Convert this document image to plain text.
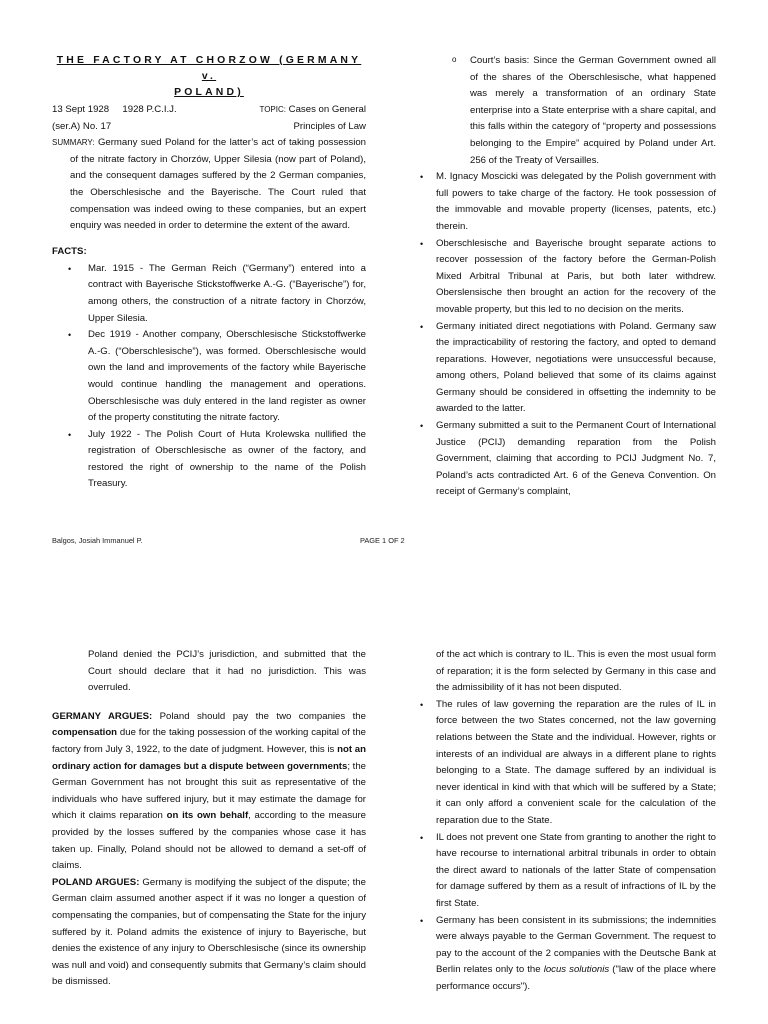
THE FACTORY AT CHORZOW (GERMANY v.
POLAND)
13 Sept 1928     1928 P.C.I.J.	TOPIC: Cases on General
(ser.A) No. 17	Principles of Law
SUMMARY: Germany sued Poland for the latter’s act of taking possession of the nitrate factory in Chorzów, Upper Silesia (now part of Poland), and the consequent damages suffered by the 2 German companies, the Oberschlesische and the Bayerische. The Court ruled that compensation was indeed owing to these companies, but an expert enquiry was needed in order to determine the extent of the award.
FACTS:
• Mar. 1915 - The German Reich (“Germany”) entered into a contract with Bayerische Stickstoffwerke A.-G. (“Bayerische”) for, among others, the construction of a nitrate factory in Chorzów, Upper Silesia.
• Dec 1919 - Another company, Oberschlesische Stickstoffwerke A.-G. (“Oberschlesische”), was formed. Oberschlesische would own the land and improvements of the factory while Bayerische would continue handling the management and operations. Oberschlesische was duly entered in the land register as owner of the property constituting the nitrate factory.
• July 1922 - The Polish Court of Huta Krolewska nullified the registration of Oberschlesische as owner of the factory, and restored the right of ownership to the name of the Polish Treasury.
o Court’s basis: Since the German Government owned all of the shares of the Oberschlesische, what happened was merely a transformation of an ordinary State enterprise into a State enterprise with a share capital, and this falls within the category of “property and possessions belonging to the Empire” acquired by Poland under Art. 256 of the Treaty of Versailles.
• M. Ignacy Moscicki was delegated by the Polish government with full powers to take charge of the factory. He took possession of the immovable and movable property (licenses, patents, etc.) therein.
• Oberschlesische and Bayerische brought separate actions to recover possession of the factory before the German-Polish Mixed Arbitral Tribunal at Paris, but both later withdrew. Oberslensische then brought an action for the recovery of the movable property, but this led to no decision on the merits.
• Germany initiated direct negotiations with Poland. Germany saw the impracticability of restoring the factory, and opted to demand reparations. However, negotiations were unsuccessful because, among others, Poland believed that some of its claims against Germany should be considered in offsetting the indemnity to be awarded to the latter.
• Germany submitted a suit to the Permanent Court of International Justice (PCIJ) demanding reparation from the Polish Government, claiming that according to PCIJ Judgment No. 7, Poland’s acts contradicted Art. 6 of the Geneva Convention. On receipt of Germany’s complaint,
Balgos, Josiah Immanuel P.	PAGE 1 OF 2
Poland denied the PCIJ’s jurisdiction, and submitted that the Court should declare that it had no jurisdiction. This was overruled.
GERMANY ARGUES: Poland should pay the two companies the compensation due for the taking possession of the working capital of the factory from July 3, 1922, to the date of judgment. However, this is not an ordinary action for damages but a dispute between governments; the German Government has not brought this suit as representative of the individuals who have suffered injury, but it may estimate the damage for which it claims reparation on its own behalf, according to the measure provided by the losses suffered by the companies whose case it has taken up. Finally, Poland should not be allowed to demand a set-off of claims.
POLAND ARGUES: Germany is modifying the subject of the dispute; the German claim assumed another aspect if it was no longer a question of compensating the companies, but of compensating the State for the injury suffered by it. Poland admits the existence of injury to Bayerische, but denies the existence of any injury to Oberschlesische (since its ownership was null and void) and consequently submits that Germany’s claim should be dismissed.
of the act which is contrary to IL. This is even the most usual form of reparation; it is the form selected by Germany in this case and the admissibility of it has not been disputed.
• The rules of law governing the reparation are the rules of IL in force between the two States concerned, not the law governing relations between the State and the individual. However, rights or interests of an individual are always in a different plane to rights belonging to a State. The damage suffered by an individual is never identical in kind with that which will be suffered by a State; it can only afford a convenient scale for the calculation of the reparation due to the State.
• IL does not prevent one State from granting to another the right to have recourse to international arbitral tribunals in order to obtain the direct award to nationals of the latter State of compensation for damage suffered by them as a result of infractions of IL by the first State.
• Germany has been consistent in its submissions; the indemnities were always payable to the German Government. The request to pay to the account of the 2 companies with the Deutsche Bank at Berlin relates only to the locus solutionis ("law of the place where performance occurs").
